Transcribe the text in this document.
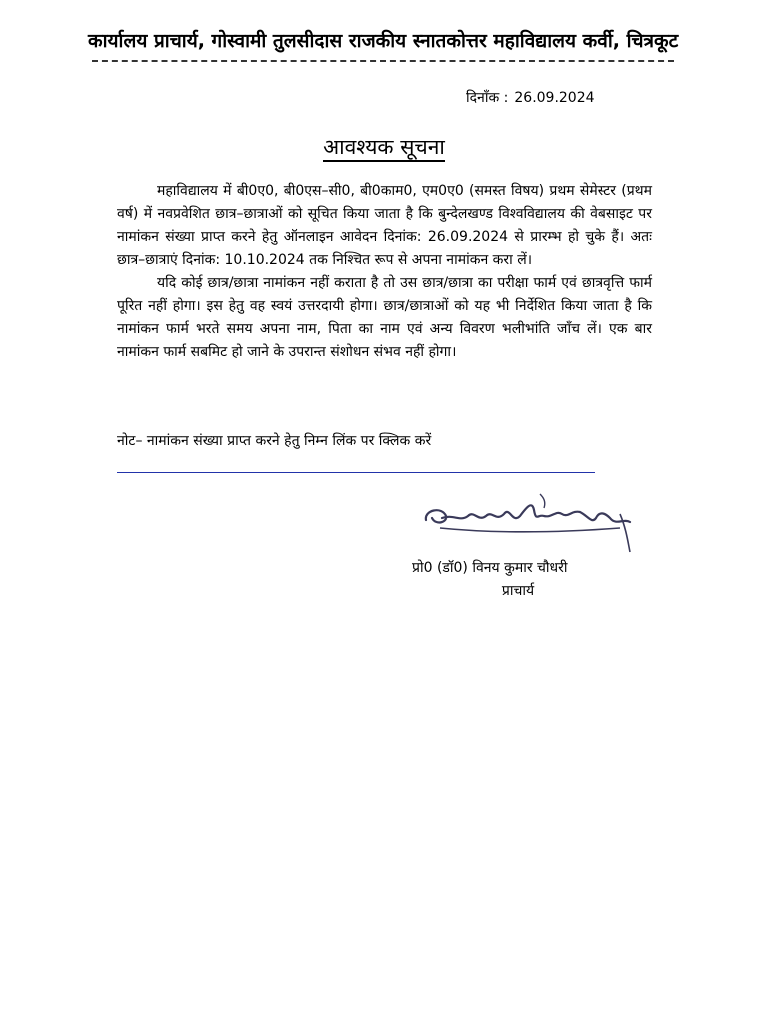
कार्यालय प्राचार्य, गोस्वामी तुलसीदास राजकीय स्नातकोत्तर महाविद्यालय कर्वी, चित्रकूट
दिनाँक : 26.09.2024
आवश्यक सूचना

महाविद्यालय में बी0ए0, बी0एस–सी0, बी0काम0, एम0ए0 (समस्त विषय) प्रथम सेमेस्टर (प्रथम वर्ष) में नवप्रवेशित छात्र–छात्राओं को सूचित किया जाता है कि बुन्देलखण्ड विश्वविद्यालय की वेबसाइट पर नामांकन संख्या प्राप्त करने हेतु ऑनलाइन आवेदन दिनांक: 26.09.2024 से प्रारम्भ हो चुके हैं। अतः छात्र–छात्राएं दिनांक: 10.10.2024 तक निश्चित रूप से अपना नामांकन करा लें।

यदि कोई छात्र/छात्रा नामांकन नहीं कराता है तो उस छात्र/छात्रा का परीक्षा फार्म एवं छात्रवृत्ति फार्म पूरित नहीं होगा। इस हेतु वह स्वयं उत्तरदायी होगा। छात्र/छात्राओं को यह भी निर्देशित किया जाता है कि नामांकन फार्म भरते समय अपना नाम, पिता का नाम एवं अन्य विवरण भलीभांति जाँच लें। एक बार नामांकन फार्म सबमिट हो जाने के उपरान्त संशोधन संभव नहीं होगा।

नोट– नामांकन संख्या प्राप्त करने हेतु निम्न लिंक पर क्लिक करें
प्रो0 (डॉ0) विनय कुमार चौधरी
प्राचार्य
